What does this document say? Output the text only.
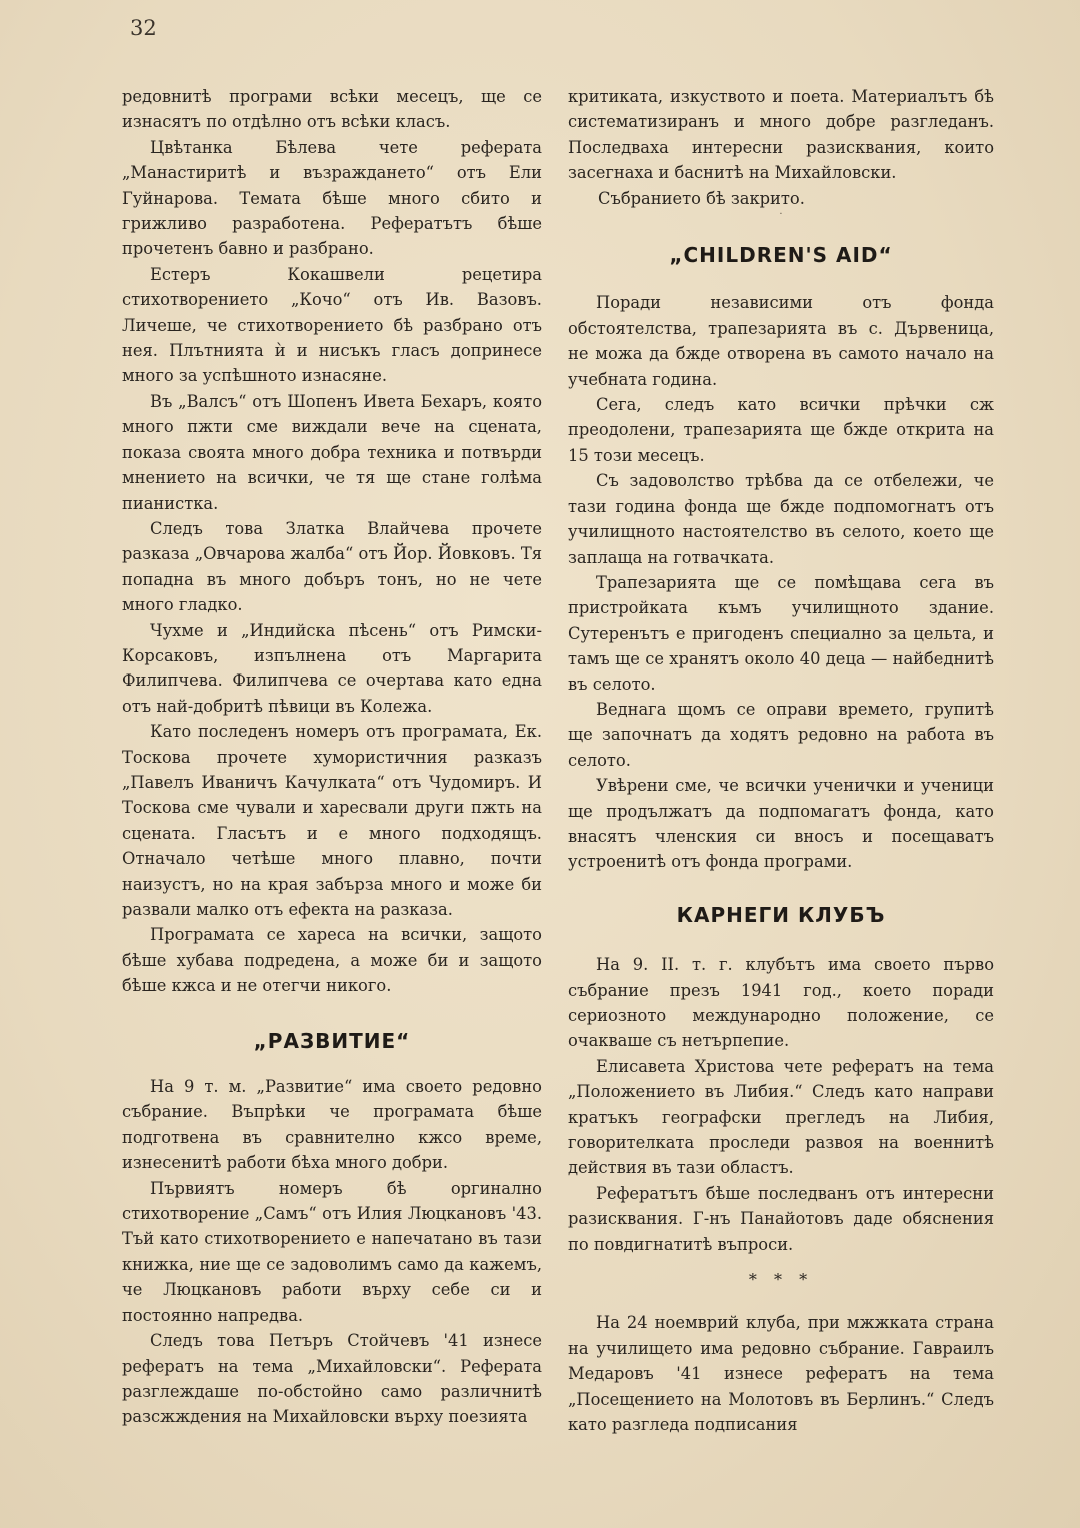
32

редовнитѣ програми всѣки месецъ, ще се изнасятъ по отдѣлно отъ всѣки класъ.

Цвѣтанка Бѣлева чете реферата „Манастиритѣ и възраждането“ отъ Ели Гуйнарова. Темата бѣше много сбито и грижливо разработена. Рефератътъ бѣше прочетенъ бавно и разбрано.

Естеръ Кокашвели рецетира стихотворението „Кочо“ отъ Ив. Вазовъ. Личеше, че стихотворението бѣ разбрано отъ нея. Плътнията ѝ и нисъкъ гласъ допринесе много за успѣшното изнасяне.

Въ „Валсъ“ отъ Шопенъ Ивета Бехаръ, която много пжти сме виждали вече на сцената, показа своята много добра техника и потвърди мнението на всички, че тя ще стане голѣма пианистка.

Следъ това Златка Влайчева прочете разказа „Овчарова жалба“ отъ Йор. Йовковъ. Тя попадна въ много добъръ тонъ, но не чете много гладко.

Чухме и „Индийска пѣсень“ отъ Римски-Корсаковъ, изпълнена отъ Маргарита Филипчева. Филипчева се очертава като една отъ най-добритѣ пѣвици въ Колежа.

Като последенъ номеръ отъ програмата, Ек. Тоскова прочете хумористичния разказъ „Павелъ Иваничъ Качулката“ отъ Чудомиръ. И Тоскова сме чували и харесвали други пжть на сцената. Гласътъ и е много подходящъ. Отначало четѣше много плавно, почти наизустъ, но на края забърза много и може би развали малко отъ ефекта на разказа.

Програмата се хареса на всички, защото бѣше хубава подредена, а може би и защото бѣше кжса и не отегчи никого.

„РАЗВИТИЕ“

На 9 т. м. „Развитие“ има своето редовно събрание. Въпрѣки че програмата бѣше подготвена въ сравнително кжсо време, изнесенитѣ работи бѣха много добри.

Първиятъ номеръ бѣ оргинално стихотворение „Самъ“ отъ Илия Люцкановъ '43. Тъй като стихотворението е напечатано въ тази книжка, ние ще се задоволимъ само да кажемъ, че Люцкановъ работи върху себе си и постоянно напредва.

Следъ това Петъръ Стойчевъ '41 изнесе рефератъ на тема „Михайловски“. Реферата разглеждаше по-обстойно само различнитѣ разсжждения на Михайловски върху поезията

критиката, изкуството и поета. Материалътъ бѣ систематизиранъ и много добре разгледанъ. Последваха интересни разисквания, които засегнаха и баснитѣ на Михайловски.

Събранието бѣ закрито.

·
„CHILDREN'S AID“

Поради независими отъ фонда обстоятелства, трапезарията въ с. Дървеница, не можа да бжде отворена въ самото начало на учебната година.

Сега, следъ като всички прѣчки сж преодолени, трапезарията ще бжде открита на 15 този месецъ.

Съ задоволство трѣбва да се отбележи, че тази година фонда ще бжде подпомогнатъ отъ училищното настоятелство въ селото, което ще заплаща на готвачката.

Трапезарията ще се помѣщава сега въ пристройката къмъ училищното здание. Сутеренътъ е пригоденъ специално за цельта, и тамъ ще се хранятъ около 40 деца — найбеднитѣ въ селото.

Веднага щомъ се оправи времето, групитѣ ще започнатъ да ходятъ редовно на работа въ селото.

Увѣрени сме, че всички ученички и ученици ще продължатъ да подпомагатъ фонда, като внасятъ членския си вносъ и посещаватъ устроенитѣ отъ фонда програми.

КАРНЕГИ КЛУБЪ

На 9. II. т. г. клубътъ има своето първо събрание презъ 1941 год., което поради сериозното международно положение, се очакваше съ нетърпепие.

Елисавета Христова чете рефератъ на тема „Положението въ Либия.“ Следъ като направи кратъкъ географски прегледъ на Либия, говорителката проследи развоя на военнитѣ действия въ тази областъ.

Рефератътъ бѣше последванъ отъ интересни разисквания. Г-нъ Панайотовъ даде обяснения по повдигнатитѣ въпроси.

* * *

На 24 ноемврий клуба, при мжжката страна на училището има редовно събрание. Гавраилъ Медаровъ '41 изнесе рефератъ на тема „Посещението на Молотовъ въ Берлинъ.“ Следъ като разгледа подписания
